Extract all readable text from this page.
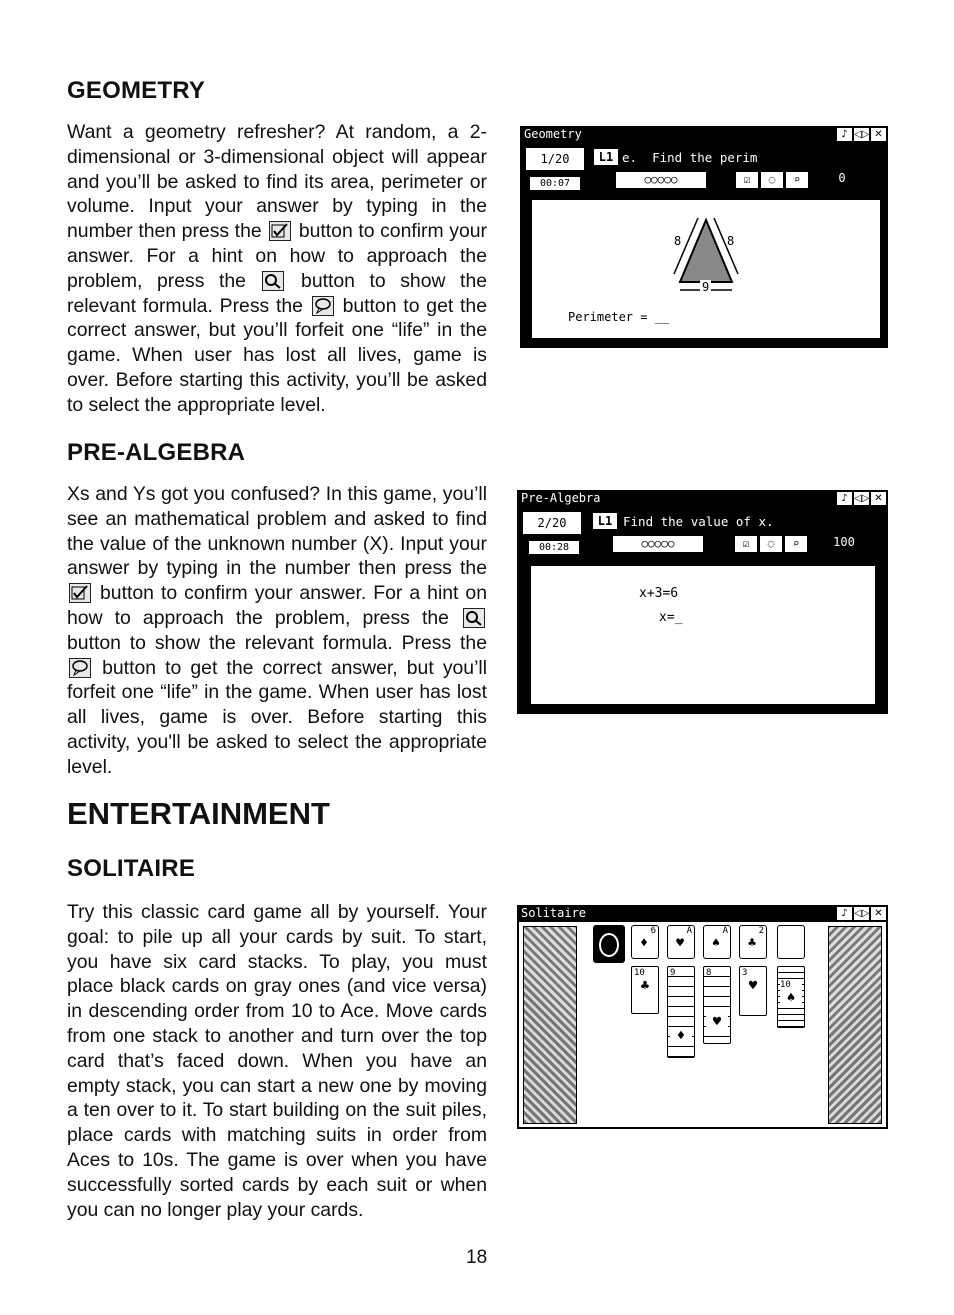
GEOMETRY

Want a geometry refresher? At random, a 2-dimensional or 3-dimensional object will appear and you’ll be asked to find its area, perimeter or volume. Input your answer by typing in the number then press the button to confirm your answer. For a hint on how to approach the problem, press the	button to show the relevant formula. Press the button to get the correct answer, but you’ll forfeit one “life” in the game. When user has lost all lives, game is over. Before starting this activity, you’ll be asked to select the appropriate level.

Geometry	♪ ◁▷ ✕
1/20	L1 e.  Find the perim
00:07	○○○○○	☑	◌	⌕	0
8	8
9
Perimeter = __
PRE-ALGEBRA

Xs and Ys got you confused? In this game, you’ll see an mathematical problem and asked to find the value of the unknown number (X). Input your answer by typing in the number then press the
button to confirm your answer. For a hint on how to approach the problem, press the
button to show the relevant formula. Press the
button to get the correct answer, but you’ll forfeit one “life” in the game. When user has lost all lives, game is over. Before starting this activity, you'll be asked to select the appropriate level.

Pre-Algebra	♪ ◁▷ ✕
2/20	L1 Find the value of x.
00:28	○○○○○	☑	◌	⌕	100
x+3=6
x=_
ENTERTAINMENT
SOLITAIRE

Try this classic card game all by yourself. Your goal: to pile up all your cards by suit. To start, you have six card stacks. To play, you must place black cards on gray ones (and vice versa) in descending order from 10 to Ace. Move cards from one stack to another and turn over the top card that’s faced down. When you have an empty stack, you can start a new one by moving a ten over to it. To start building on the suit piles, place cards with matching suits in order from Aces to 10s. The game is over when you have successfully sorted cards by each suit or when you can no longer play your cards.

Solitaire	♪ ◁▷ ✕
6
♦
A
♥
A
♠
2
♣
10
♣
9
♦
8
♥
3
♥	10
♠
18
